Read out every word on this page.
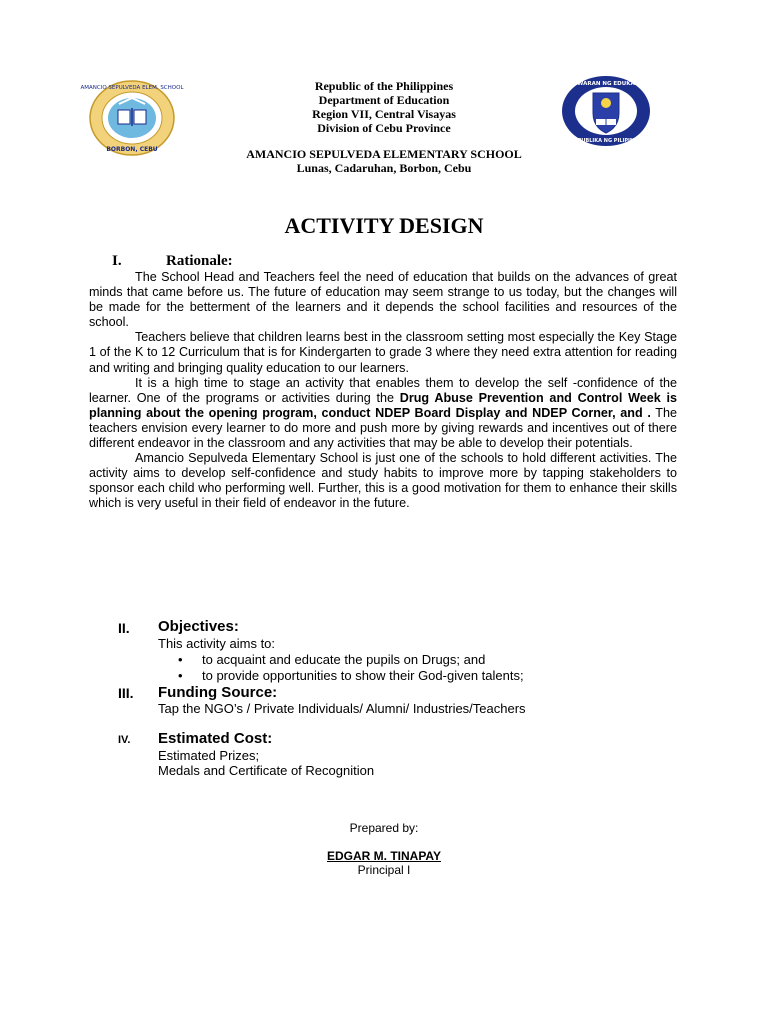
AMANCIO SEPULVEDA ELEM. SCHOOL
BORBON, CEBU
Republic of the Philippines
Department of Education
Region VII, Central Visayas
Division of Cebu Province
KAGAWARAN NG EDUKASYON
REPUBLIKA NG PILIPINAS
AMANCIO SEPULVEDA ELEMENTARY SCHOOL
Lunas, Cadaruhan, Borbon, Cebu
ACTIVITY DESIGN
I.	Rationale:

The School Head and Teachers feel the need of education that builds on the advances of great minds that came before us. The future of education may seem strange to us today, but the changes will be made for the betterment of the learners and it depends the school facilities and resources of the school.

Teachers believe that children learns best in the classroom setting most especially the Key Stage 1 of the K to 12 Curriculum that is for Kindergarten to grade 3 where they need extra attention for reading and writing and bringing quality education to our learners.

It is a high time to stage an activity that enables them to develop the self -confidence of the learner. One of the programs or activities during the Drug Abuse Prevention and Control Week is planning about the opening program, conduct NDEP Board Display and NDEP Corner, and . The teachers envision every learner to do more and push more by giving rewards and incentives out of there different endeavor in the classroom and any activities that may be able to develop their potentials.

Amancio Sepulveda Elementary School is just one of the schools to hold different activities. The activity aims to develop self-confidence and study habits to improve more by tapping stakeholders to sponsor each child who performing well. Further, this is a good motivation for them to enhance their skills which is very useful in their field of endeavor in the future.

II. Objectives:
This activity aims to:
• to acquaint and educate the pupils on Drugs; and
• to provide opportunities to show their God-given talents;
III. Funding Source:
Tap the NGO’s / Private Individuals/ Alumni/ Industries/Teachers
IV. Estimated Cost:
Estimated Prizes;
Medals and Certificate of Recognition
Prepared by:
EDGAR M. TINAPAY
Principal I
